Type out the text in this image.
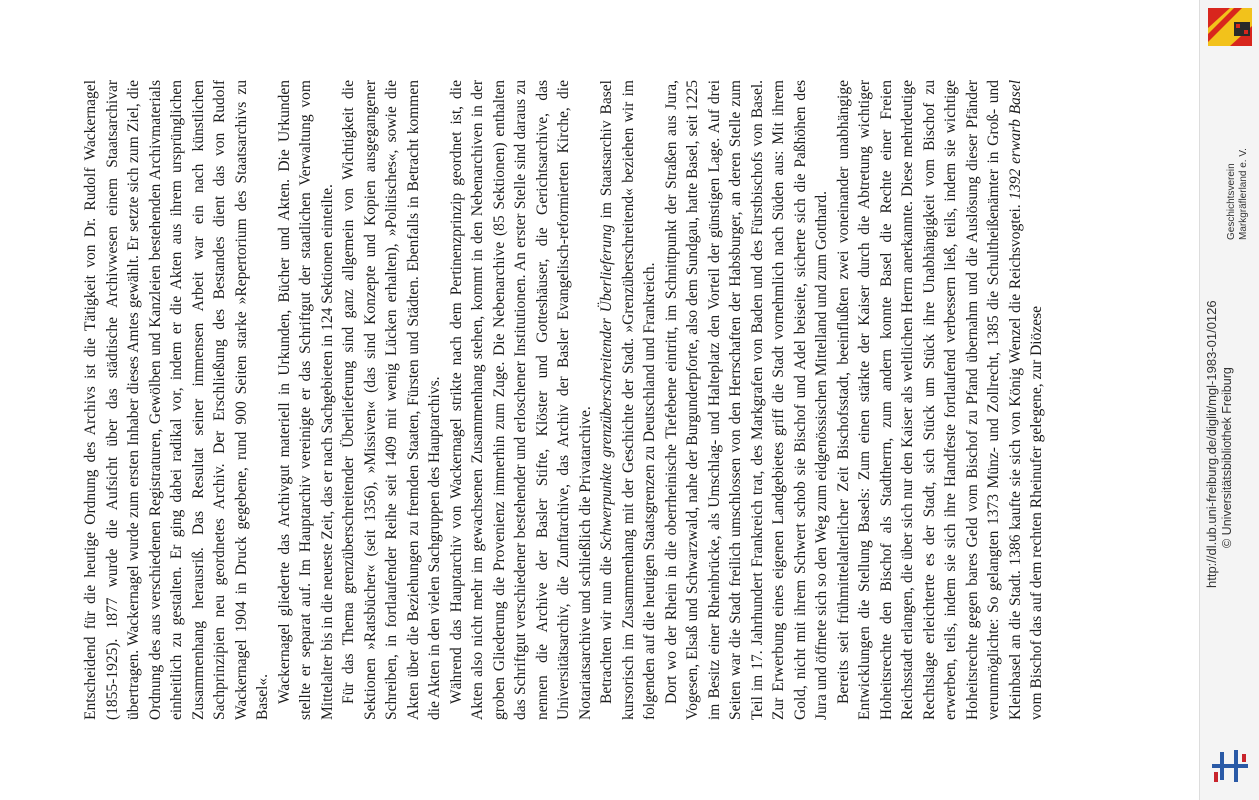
Entscheidend für die heutige Ordnung des Archivs ist die Tätigkeit von Dr. Rudolf Wackernagel (1855-1925). 1877 wurde die Aufsicht über das städtische Archivwesen einem Staatsarchivar übertragen. Wackernagel wurde zum ersten Inhaber dieses Amtes gewählt. Er setzte sich zum Ziel, die Ordnung des aus verschiedenen Registraturen, Gewölben und Kanzleien bestehenden Archivmaterials einheitlich zu gestalten. Er ging dabei radikal vor, indem er die Akten aus ihrem ursprünglichen Zusammenhang herausriß. Das Resultat seiner immensen Arbeit war ein nach künstlichen Sachprinzipien neu geordnetes Archiv. Der Erschließung des Bestandes dient das von Rudolf Wackernagel 1904 in Druck gegebene, rund 900 Seiten starke »Repertorium des Staatsarchivs zu Basel«. Wackernagel gliederte das Archivgut materiell in Urkunden, Bücher und Akten. Die Urkunden stellte er separat auf. Im Hauptarchiv vereinigte er das Schriftgut der staatlichen Verwaltung vom Mittelalter bis in die neueste Zeit, das er nach Sachgebieten in 124 Sektionen einteilte. Für das Thema grenzüberschreitender Überlieferung sind ganz allgemein von Wichtigkeit die Sektionen »Ratsbücher« (seit 1356), »Missiven« (das sind Konzepte und Kopien ausgegangener Schreiben, in fortlaufender Reihe seit 1409 mit wenig Lücken erhalten), »Politisches«, sowie die Akten über die Beziehungen zu fremden Staaten, Fürsten und Städten. Ebenfalls in Betracht kommen die Akten in den vielen Sachgruppen des Hauptarchivs. Während das Hauptarchiv von Wackernagel strikte nach dem Pertinenzprinzip geordnet ist, die Akten also nicht mehr im gewachsenen Zusammenhang stehen, kommt in den Nebenarchiven in der groben Gliederung die Provenienz immerhin zum Zuge. Die Nebenarchive (85 Sektionen) enthalten das Schriftgut verschiedener bestehender und erloschener Institutionen. An erster Stelle sind daraus zu nennen die Archive der Basler Stifte, Klöster und Gotteshäuser, die Gerichtsarchive, das Universitätsarchiv, die Zunftarchive, das Archiv der Basler Evangelisch-reformierten Kirche, die Notariatsarchive und schließlich die Privatarchive. Betrachten wir nun die Schwerpunkte grenzüberschreitender Überlieferung im Staatsarchiv Basel kursorisch im Zusammenhang mit der Geschichte der Stadt. »Grenzüberschreitend« beziehen wir im folgenden auf die heutigen Staatsgrenzen zu Deutschland und Frankreich. Dort wo der Rhein in die oberrheinische Tiefebene eintritt, im Schnittpunkt der Straßen aus Jura, Vogesen, Elsaß und Schwarzwald, nahe der Burgunderpforte, also dem Sundgau, hatte Basel, seit 1225 im Besitz einer Rheinbrücke, als Umschlag- und Halteplatz den Vorteil der günstigen Lage. Auf drei Seiten war die Stadt freilich umschlossen von den Herrschaften der Habsburger, an deren Stelle zum Teil im 17. Jahrhundert Frankreich trat, des Markgrafen von Baden und des Fürstbischofs von Basel. Zur Erwerbung eines eigenen Landgebietes griff die Stadt vornehmlich nach Süden aus: Mit ihrem Gold, nicht mit ihrem Schwert schob sie Bischof und Adel beiseite, sicherte sich die Paßhöhen des Jura und öffnete sich so den Weg zum eidgenössischen Mittelland und zum Gotthard. Bereits seit frühmittelalterlicher Zeit Bischofsstadt, beeinflußten zwei voneinander unabhängige Entwicklungen die Stellung Basels: Zum einen stärkte der Kaiser durch die Abtretung wichtiger Hoheitsrechte den Bischof als Stadtherrn, zum andern konnte Basel die Rechte einer Freien Reichsstadt erlangen, die über sich nur den Kaiser als weltlichen Herrn anerkannte. Diese mehrdeutige Rechtslage erleichterte es der Stadt, sich Stück um Stück ihre Unabhängigkeit vom Bischof zu erwerben, teils, indem sie sich ihre Handfeste fortlaufend verbessern ließ, teils, indem sie wichtige Hoheitsrechte gegen bares Geld vom Bischof zu Pfand übernahm und die Auslösung dieser Pfänder verunmöglichte: So gelangten 1373 Münz- und Zollrecht, 1385 die Schultheißenämter in Groß- und Kleinbasel an die Stadt. 1386 kaufte sie sich von König Wenzel die Reichsvogtei. 1392 erwarb Basel vom Bischof das auf dem rechten Rheinufer gelegene, zur Diözese

Geschichtsverein Markgräflerland e. V.
http://dl.ub.uni-freiburg.de/diglit/mgl-1983-01/0126 © Universitätsbibliothek Freiburg
